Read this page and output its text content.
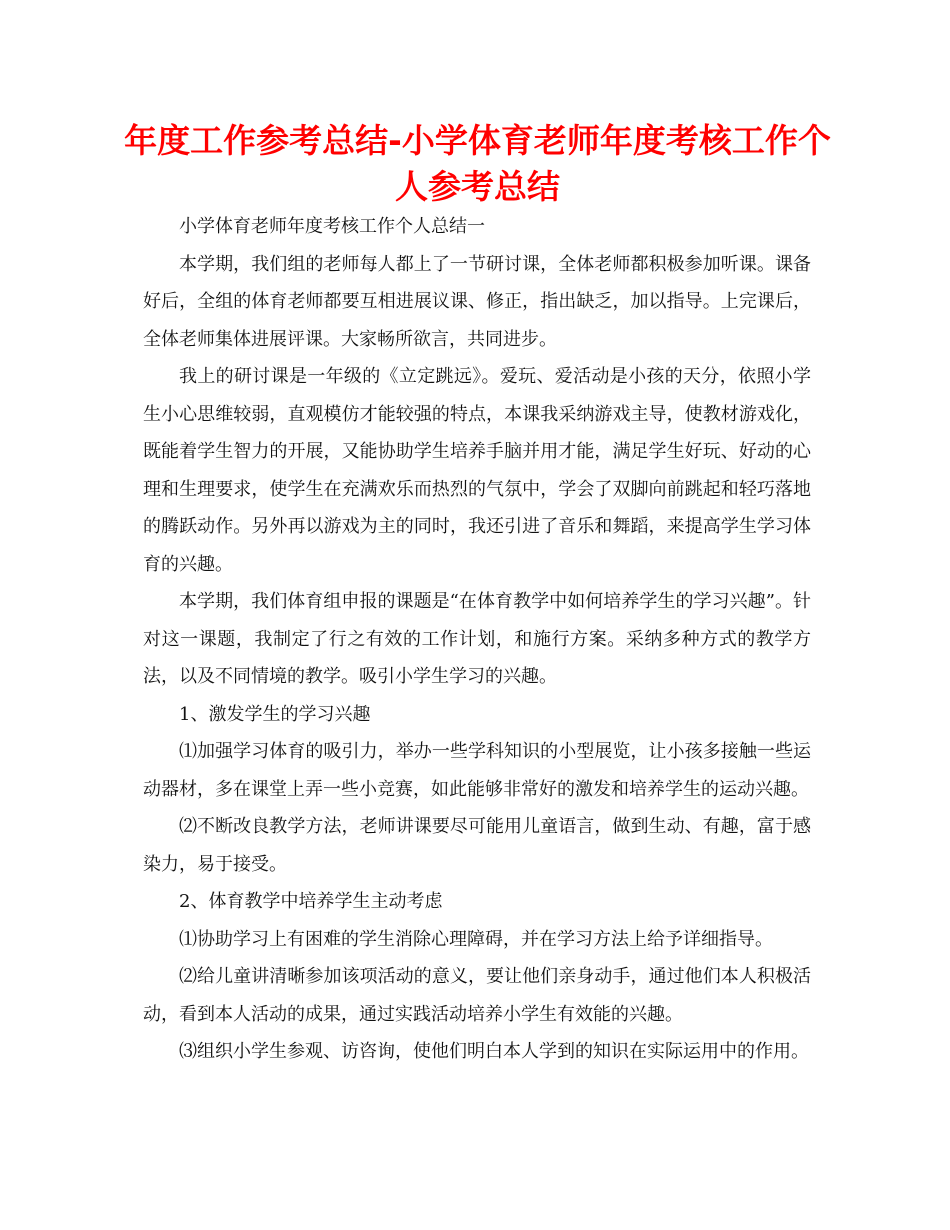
年度工作参考总结-小学体育老师年度考核工作个人参考总结

小学体育老师年度考核工作个人总结一

本学期，我们组的老师每人都上了一节研讨课，全体老师都积极参加听课。课备好后，全组的体育老师都要互相进展议课、修正，指出缺乏，加以指导。上完课后，全体老师集体进展评课。大家畅所欲言，共同进步。

我上的研讨课是一年级的《立定跳远》。爱玩、爱活动是小孩的天分，依照小学生小心思维较弱，直观模仿才能较强的特点，本课我采纳游戏主导，使教材游戏化，既能着学生智力的开展，又能协助学生培养手脑并用才能，满足学生好玩、好动的心理和生理要求，使学生在充满欢乐而热烈的气氛中，学会了双脚向前跳起和轻巧落地的腾跃动作。另外再以游戏为主的同时，我还引进了音乐和舞蹈，来提高学生学习体育的兴趣。

本学期，我们体育组申报的课题是“在体育教学中如何培养学生的学习兴趣”。针对这一课题，我制定了行之有效的工作计划，和施行方案。采纳多种方式的教学方法，以及不同情境的教学。吸引小学生学习的兴趣。

1、激发学生的学习兴趣

⑴加强学习体育的吸引力，举办一些学科知识的小型展览，让小孩多接触一些运动器材，多在课堂上弄一些小竞赛，如此能够非常好的激发和培养学生的运动兴趣。

⑵不断改良教学方法，老师讲课要尽可能用儿童语言，做到生动、有趣，富于感染力，易于接受。

2、体育教学中培养学生主动考虑

⑴协助学习上有困难的学生消除心理障碍，并在学习方法上给予详细指导。

⑵给儿童讲清晰参加该项活动的意义，要让他们亲身动手，通过他们本人积极活动，看到本人活动的成果，通过实践活动培养小学生有效能的兴趣。

⑶组织小学生参观、访咨询，使他们明白本人学到的知识在实际运用中的作用。
